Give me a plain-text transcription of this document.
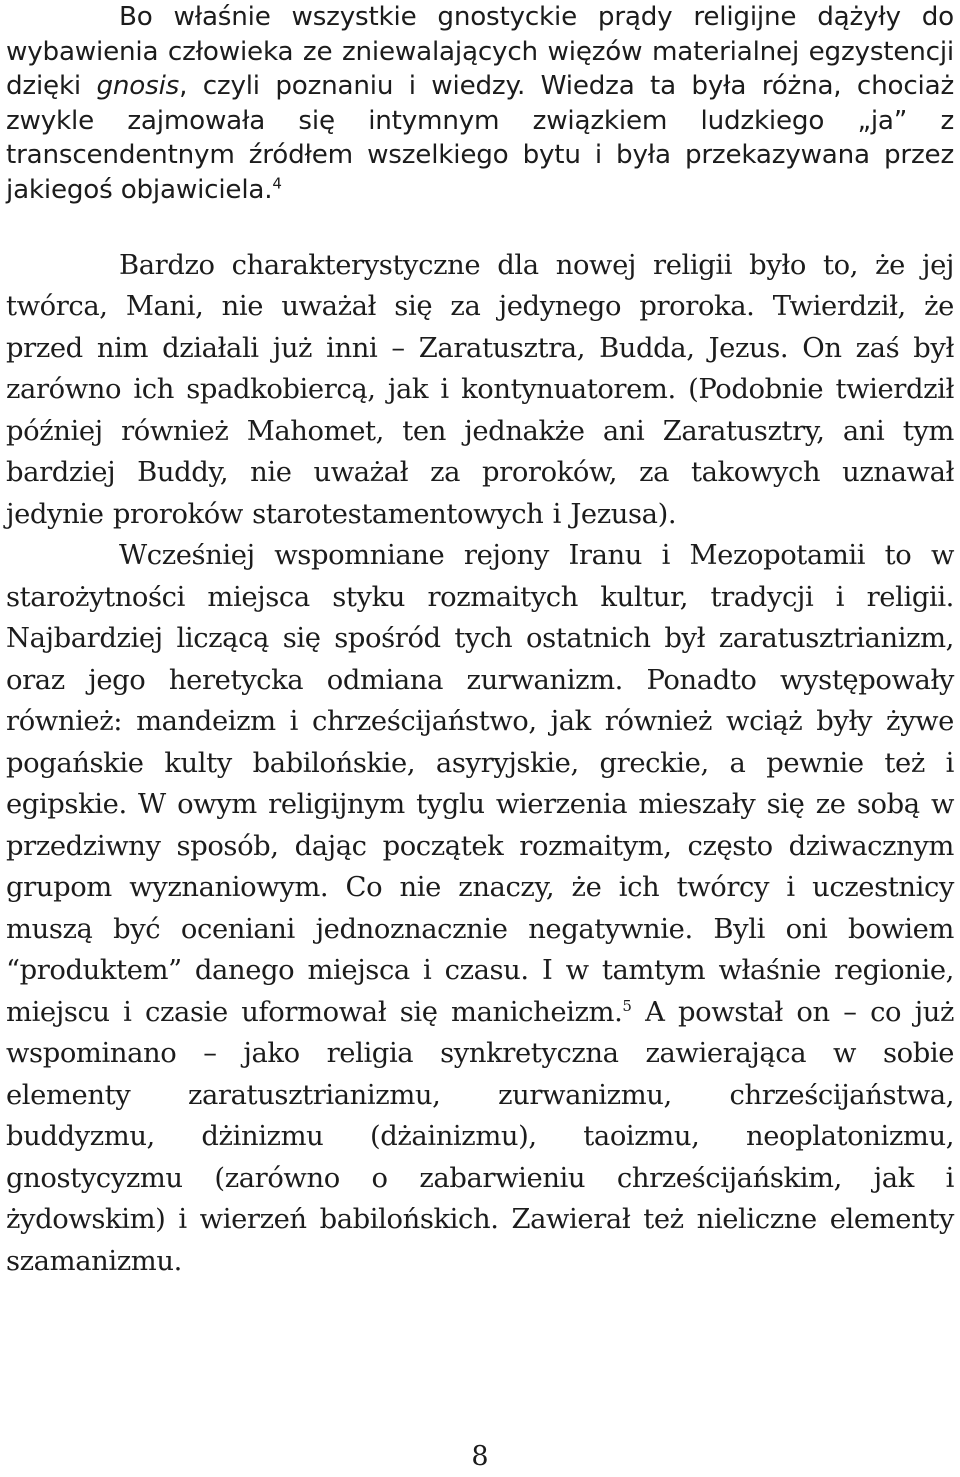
Bo właśnie wszystkie gnostyckie prądy religijne dążyły do wybawienia człowieka ze zniewalających więzów materialnej egzystencji dzięki gnosis, czyli poznaniu i wiedzy. Wiedza ta była różna, chociaż zwykle zajmowała się intymnym związkiem ludzkiego „ja” z transcendentnym źródłem wszelkiego bytu i była przekazywana przez jakiegoś objawiciela.$^4$

Bardzo charakterystyczne dla nowej religii było to, że jej twórca, Mani, nie uważał się za jedynego proroka. Twierdził, że przed nim działali już inni – Zaratusztra, Budda, Jezus. On zaś był zarówno ich spadkobiercą, jak i kontynuatorem. (Podobnie twierdził później również Mahomet, ten jednakże ani Zaratusztry, ani tym bardziej Buddy, nie uważał za proroków, za takowych uznawał jedynie proroków starotestamentowych i Jezusa).

Wcześniej wspomniane rejony Iranu i Mezopotamii to w starożytności miejsca styku rozmaitych kultur, tradycji i religii. Najbardziej liczącą się spośród tych ostatnich był zaratusztrianizm, oraz jego heretycka odmiana zurwanizm. Ponadto występowały również: mandeizm i chrześcijaństwo, jak również wciąż były żywe pogańskie kulty babilońskie, asyryjskie, greckie, a pewnie też i egipskie. W owym religijnym tyglu wierzenia mieszały się ze sobą w przedziwny sposób, dając początek rozmaitym, często dziwacznym grupom wyznaniowym. Co nie znaczy, że ich twórcy i uczestnicy muszą być oceniani jednoznacznie negatywnie. Byli oni bowiem “produktem” danego miejsca i czasu. I w tamtym właśnie regionie, miejscu i czasie uformował się manicheizm.$^5$ A powstał on – co już wspominano – jako religia synkretyczna zawierająca w sobie elementy zaratusztrianizmu, zurwanizmu, chrześcijaństwa, buddyzmu, dżinizmu (dżainizmu), taoizmu, neoplatonizmu, gnostycyzmu (zarówno o zabarwieniu chrześcijańskim, jak i żydowskim) i wierzeń babilońskich. Zawierał też nieliczne elementy szamanizmu.

8
